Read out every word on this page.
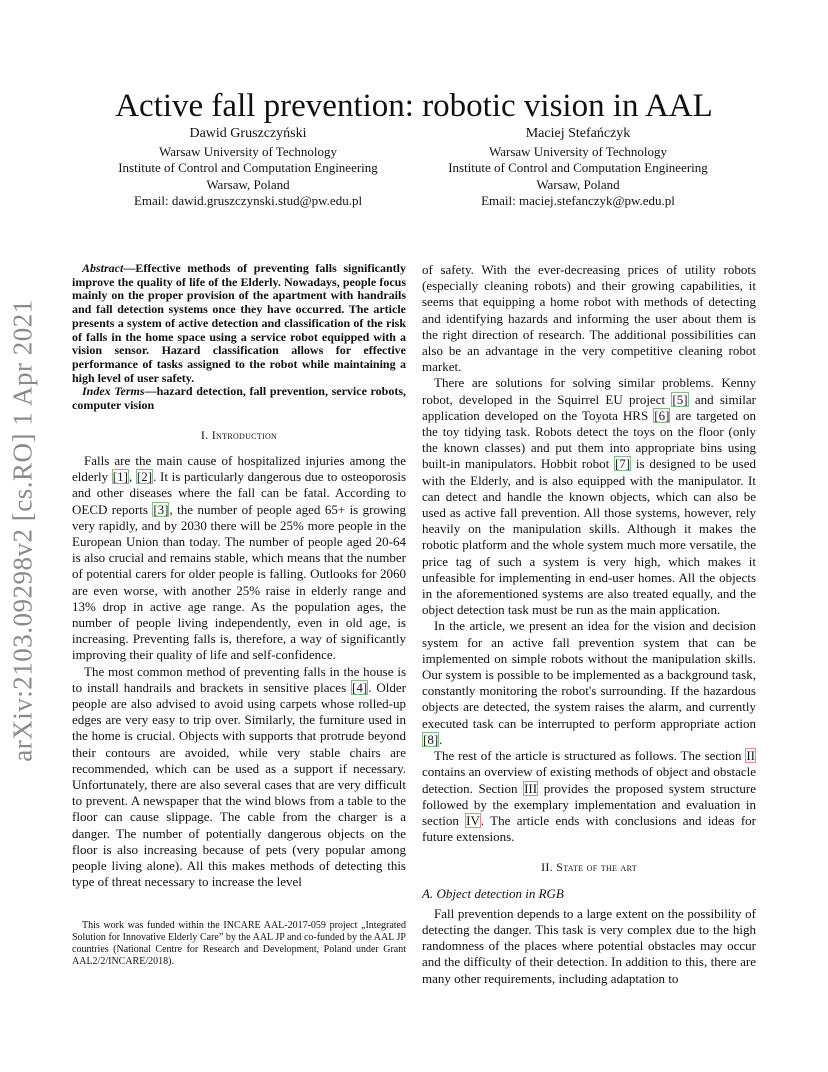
arXiv:2103.09298v2 [cs.RO] 1 Apr 2021
Active fall prevention: robotic vision in AAL
Dawid Gruszczyński
Warsaw University of Technology
Institute of Control and Computation Engineering
Warsaw, Poland
Email: dawid.gruszczynski.stud@pw.edu.pl
Maciej Stefańczyk
Warsaw University of Technology
Institute of Control and Computation Engineering
Warsaw, Poland
Email: maciej.stefanczyk@pw.edu.pl

Abstract—Effective methods of preventing falls significantly improve the quality of life of the Elderly. Nowadays, people focus mainly on the proper provision of the apartment with handrails and fall detection systems once they have occurred. The article presents a system of active detection and classification of the risk of falls in the home space using a service robot equipped with a vision sensor. Hazard classification allows for effective performance of tasks assigned to the robot while maintaining a high level of user safety.

Index Terms—hazard detection, fall prevention, service robots, computer vision

I. Introduction

Falls are the main cause of hospitalized injuries among the elderly [1], [2]. It is particularly dangerous due to osteoporosis and other diseases where the fall can be fatal. According to OECD reports [3], the number of people aged 65+ is growing very rapidly, and by 2030 there will be 25% more people in the European Union than today. The number of people aged 20-64 is also crucial and remains stable, which means that the number of potential carers for older people is falling. Outlooks for 2060 are even worse, with another 25% raise in elderly range and 13% drop in active age range. As the population ages, the number of people living independently, even in old age, is increasing. Preventing falls is, therefore, a way of significantly improving their quality of life and self-confidence.

The most common method of preventing falls in the house is to install handrails and brackets in sensitive places [4]. Older people are also advised to avoid using carpets whose rolled-up edges are very easy to trip over. Similarly, the furniture used in the home is crucial. Objects with supports that protrude beyond their contours are avoided, while very stable chairs are recommended, which can be used as a support if necessary. Unfortunately, there are also several cases that are very difficult to prevent. A newspaper that the wind blows from a table to the floor can cause slippage. The cable from the charger is a danger. The number of potentially dangerous objects on the floor is also increasing because of pets (very popular among people living alone). All this makes methods of detecting this type of threat necessary to increase the level

This work was funded within the INCARE AAL-2017-059 project „Integrated Solution for Innovative Elderly Care” by the AAL JP and co-funded by the AAL JP countries (National Centre for Research and Development, Poland under Grant AAL2/2/INCARE/2018).

of safety. With the ever-decreasing prices of utility robots (especially cleaning robots) and their growing capabilities, it seems that equipping a home robot with methods of detecting and identifying hazards and informing the user about them is the right direction of research. The additional possibilities can also be an advantage in the very competitive cleaning robot market.

There are solutions for solving similar problems. Kenny robot, developed in the Squirrel EU project [5] and similar application developed on the Toyota HRS [6] are targeted on the toy tidying task. Robots detect the toys on the floor (only the known classes) and put them into appropriate bins using built-in manipulators. Hobbit robot [7] is designed to be used with the Elderly, and is also equipped with the manipulator. It can detect and handle the known objects, which can also be used as active fall prevention. All those systems, however, rely heavily on the manipulation skills. Although it makes the robotic platform and the whole system much more versatile, the price tag of such a system is very high, which makes it unfeasible for implementing in end-user homes. All the objects in the aforementioned systems are also treated equally, and the object detection task must be run as the main application.

In the article, we present an idea for the vision and decision system for an active fall prevention system that can be implemented on simple robots without the manipulation skills. Our system is possible to be implemented as a background task, constantly monitoring the robot's surrounding. If the hazardous objects are detected, the system raises the alarm, and currently executed task can be interrupted to perform appropriate action [8].

The rest of the article is structured as follows. The section II contains an overview of existing methods of object and obstacle detection. Section III provides the proposed system structure followed by the exemplary implementation and evaluation in section IV. The article ends with conclusions and ideas for future extensions.

II. State of the art

A. Object detection in RGB

Fall prevention depends to a large extent on the possibility of detecting the danger. This task is very complex due to the high randomness of the places where potential obstacles may occur and the difficulty of their detection. In addition to this, there are many other requirements, including adaptation to
